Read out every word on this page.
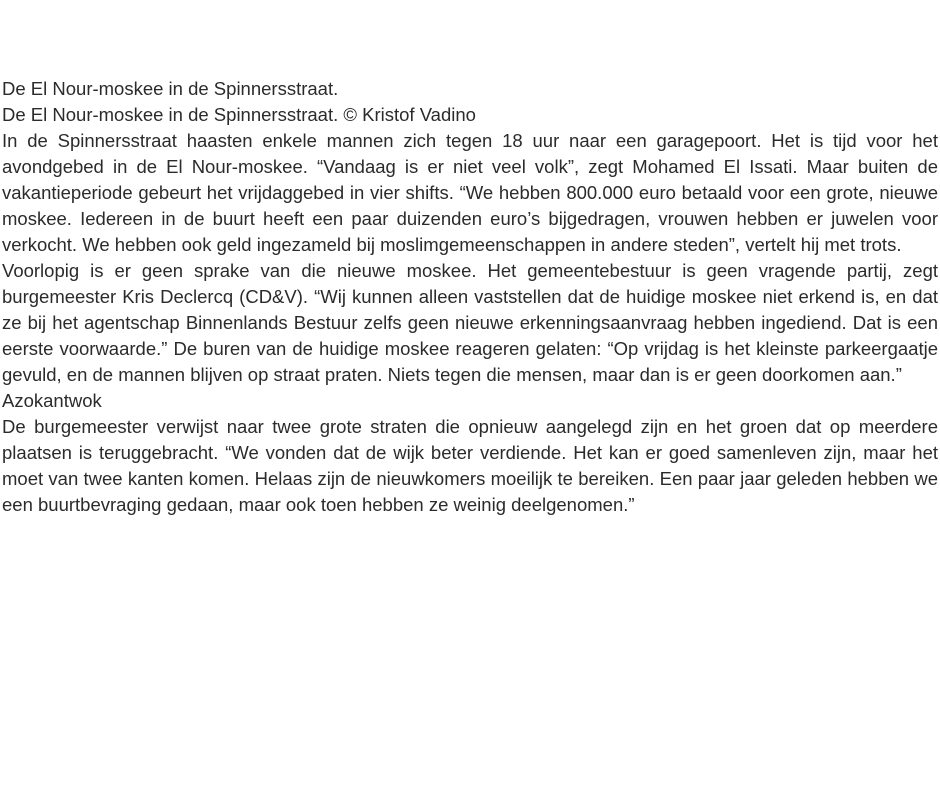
De El Nour-moskee in de Spinnersstraat.

De El Nour-moskee in de Spinnersstraat. © Kristof Vadino

In de Spinnersstraat haasten enkele mannen zich tegen 18 uur naar een garagepoort. Het is tijd voor het avondgebed in de El Nour-moskee. “Vandaag is er niet veel volk”, zegt Mohamed El Issati. Maar buiten de vakantieperiode gebeurt het vrijdaggebed in vier shifts. “We hebben 800.000 euro betaald voor een grote, nieuwe moskee. Iedereen in de buurt heeft een paar duizenden euro’s bijgedragen, vrouwen hebben er juwelen voor verkocht. We hebben ook geld ingezameld bij moslimgemeenschappen in andere steden”, vertelt hij met trots.

Voorlopig is er geen sprake van die nieuwe moskee. Het gemeentebestuur is geen vragende partij, zegt burgemeester Kris Declercq (CD&V). “Wij kunnen alleen vaststellen dat de huidige moskee niet erkend is, en dat ze bij het agentschap Binnenlands Bestuur zelfs geen nieuwe erkenningsaanvraag hebben ingediend. Dat is een eerste voorwaarde.” De buren van de huidige moskee reageren gelaten: “Op vrijdag is het kleinste parkeergaatje gevuld, en de mannen blijven op straat praten. Niets tegen die mensen, maar dan is er geen doorkomen aan.”

Azokantwok

De burgemeester verwijst naar twee grote straten die opnieuw aangelegd zijn en het groen dat op meerdere plaatsen is teruggebracht. “We vonden dat de wijk beter verdiende. Het kan er goed samenleven zijn, maar het moet van twee kanten komen. Helaas zijn de nieuwkomers moeilijk te bereiken. Een paar jaar geleden hebben we een buurtbevraging gedaan, maar ook toen hebben ze weinig deelgenomen.”
